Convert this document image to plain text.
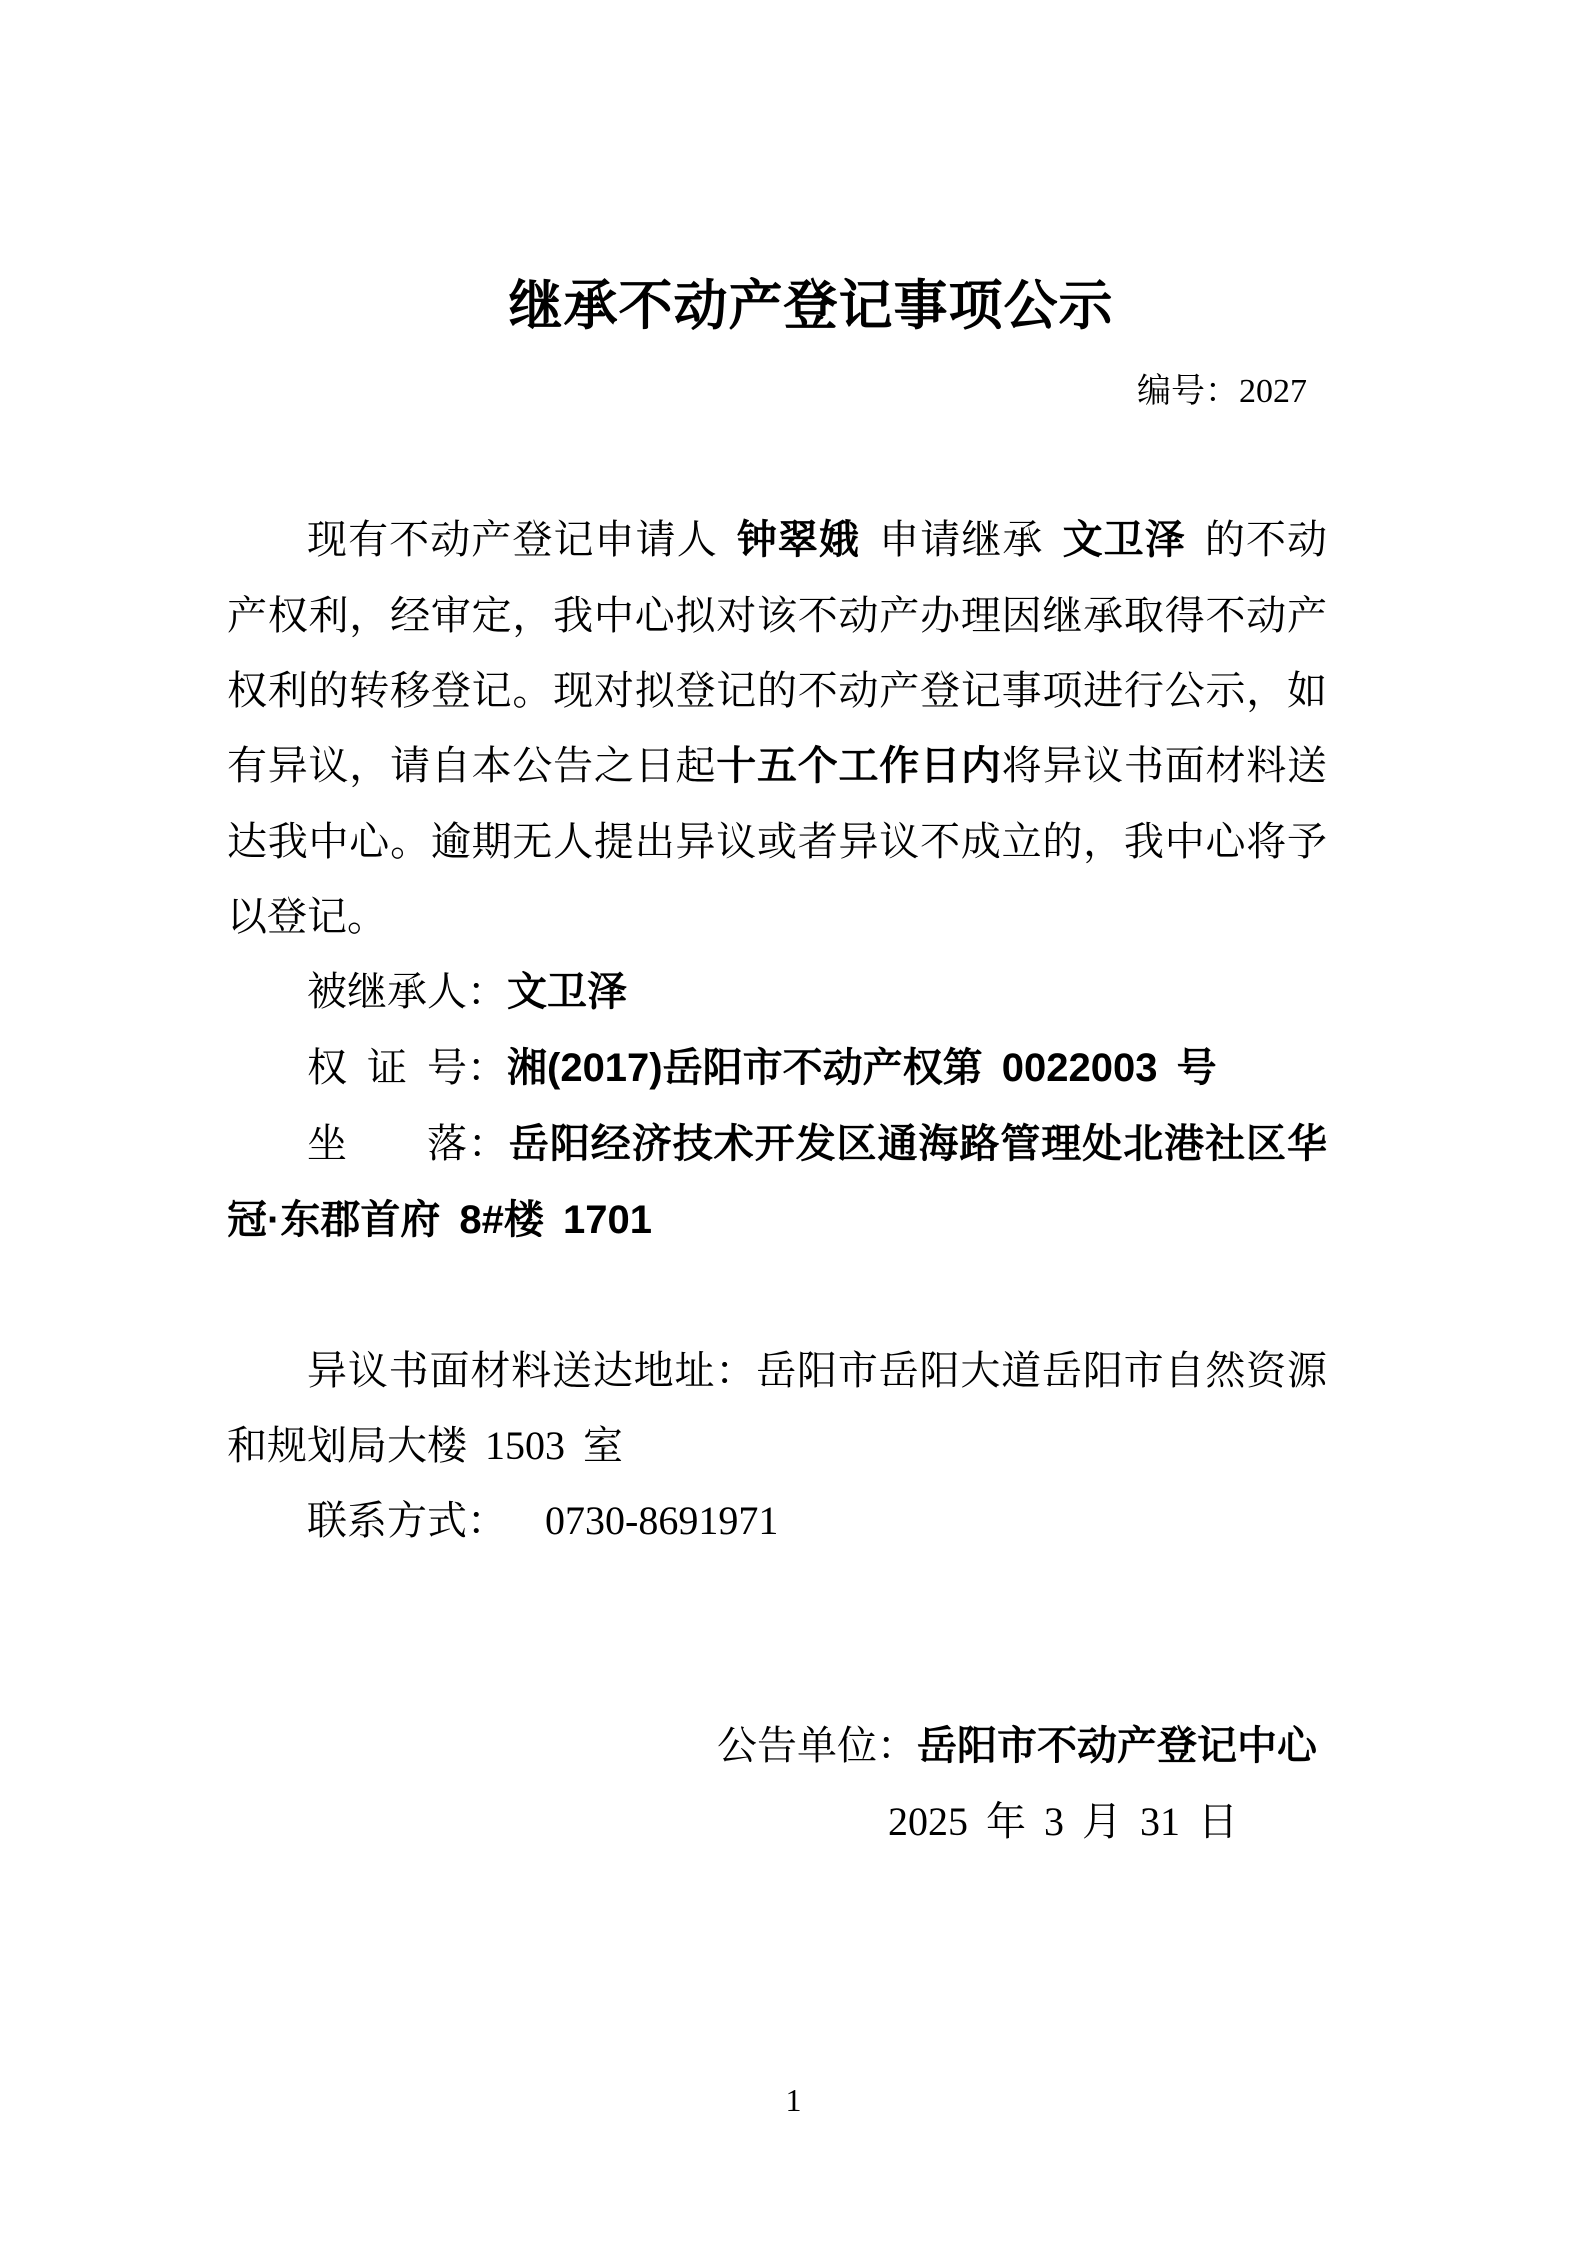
继承不动产登记事项公示
编号：2027

现有不动产登记申请人 钟翠娥 申请继承 文卫泽 的不动产权利，经审定，我中心拟对该不动产办理因继承取得不动产权利的转移登记。现对拟登记的不动产登记事项进行公示，如有异议，请自本公告之日起十五个工作日内将异议书面材料送达我中心。逾期无人提出异议或者异议不成立的，我中心将予以登记。

被继承人：文卫泽

权证号：湘(2017)岳阳市不动产权第 0022003 号

坐落：岳阳经济技术开发区通海路管理处北港社区华冠·东郡首府 8#楼 1701

异议书面材料送达地址：岳阳市岳阳大道岳阳市自然资源和规划局大楼 1503 室

联系方式： 0730-8691971

公告单位：岳阳市不动产登记中心
2025 年 3 月 31 日
1
